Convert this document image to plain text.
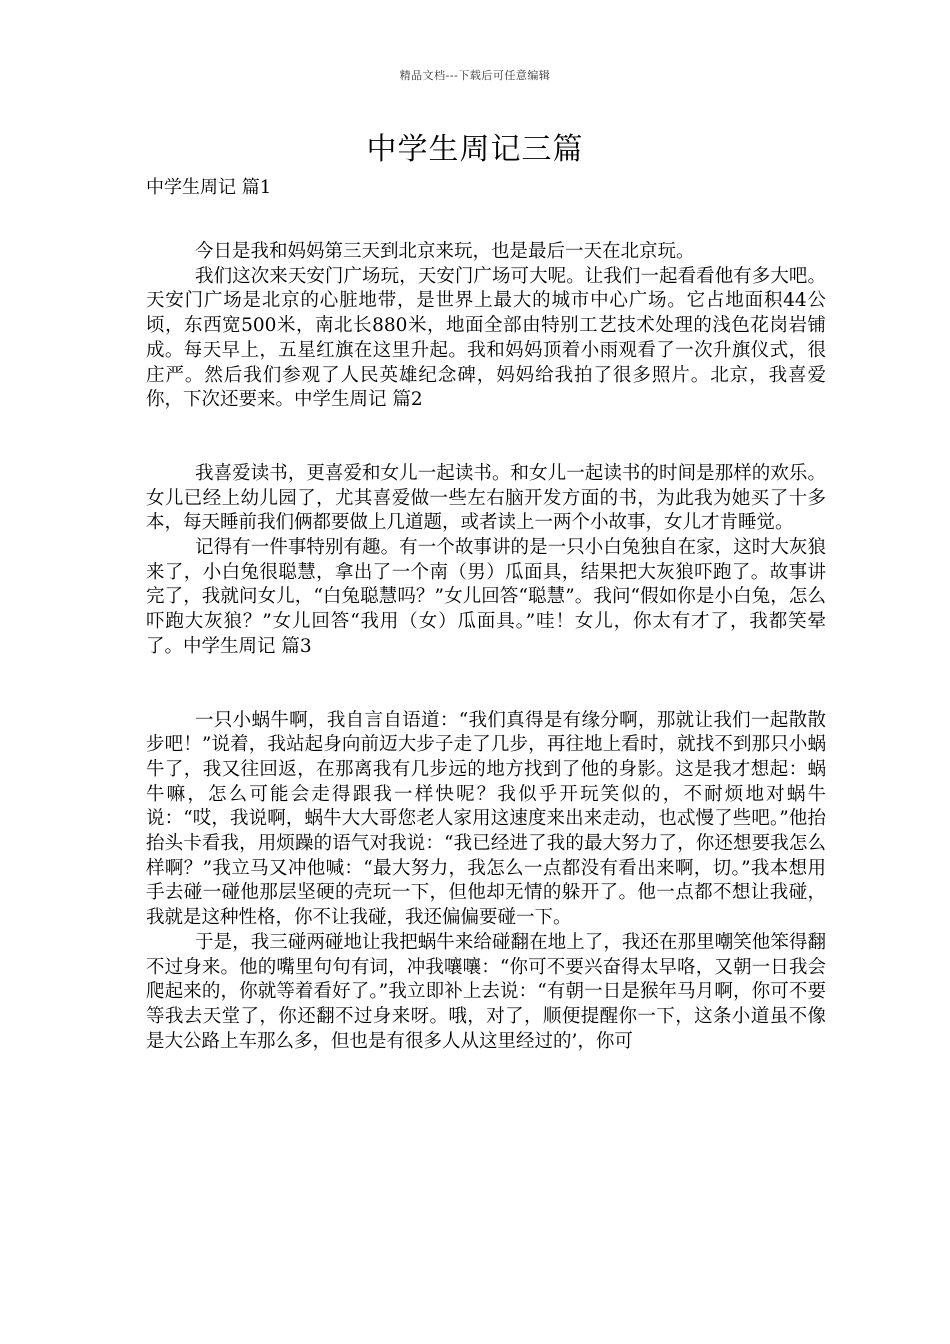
精品文档---下载后可任意编辑
中学生周记三篇
中学生周记 篇1

今日是我和妈妈第三天到北京来玩，也是最后一天在北京玩。

我们这次来天安门广场玩，天安门广场可大呢。让我们一起看看他有多大吧。天安门广场是北京的心脏地带，是世界上最大的城市中心广场。它占地面积44公顷，东西宽500米，南北长880米，地面全部由特别工艺技术处理的浅色花岗岩铺成。每天早上，五星红旗在这里升起。我和妈妈顶着小雨观看了一次升旗仪式，很庄严。然后我们参观了人民英雄纪念碑，妈妈给我拍了很多照片。北京，我喜爱你，下次还要来。中学生周记 篇2

我喜爱读书，更喜爱和女儿一起读书。和女儿一起读书的时间是那样的欢乐。女儿已经上幼儿园了，尤其喜爱做一些左右脑开发方面的书，为此我为她买了十多本，每天睡前我们俩都要做上几道题，或者读上一两个小故事，女儿才肯睡觉。

记得有一件事特别有趣。有一个故事讲的是一只小白兔独自在家，这时大灰狼来了，小白兔很聪慧，拿出了一个南（男）瓜面具，结果把大灰狼吓跑了。故事讲完了，我就问女儿，“白兔聪慧吗？”女儿回答“聪慧”。我问“假如你是小白兔，怎么吓跑大灰狼？”女儿回答“我用（女）瓜面具。”哇！女儿，你太有才了，我都笑晕了。中学生周记 篇3

一只小蜗牛啊，我自言自语道：“我们真得是有缘分啊，那就让我们一起散散步吧！”说着，我站起身向前迈大步子走了几步，再往地上看时，就找不到那只小蜗牛了，我又往回返，在那离我有几步远的地方找到了他的身影。这是我才想起：蜗牛嘛，怎么可能会走得跟我一样快呢？我似乎开玩笑似的，不耐烦地对蜗牛说：“哎，我说啊，蜗牛大大哥您老人家用这速度来出来走动，也忒慢了些吧。”他抬抬头卡看我，用烦躁的语气对我说：“我已经进了我的最大努力了，你还想要我怎么样啊？”我立马又冲他喊：“最大努力，我怎么一点都没有看出来啊，切。”我本想用手去碰一碰他那层坚硬的壳玩一下，但他却无情的躲开了。他一点都不想让我碰，我就是这种性格，你不让我碰，我还偏偏要碰一下。

于是，我三碰两碰地让我把蜗牛来给碰翻在地上了，我还在那里嘲笑他笨得翻不过身来。他的嘴里句句有词，冲我嚷嚷：“你可不要兴奋得太早咯，又朝一日我会爬起来的，你就等着看好了。”我立即补上去说：“有朝一日是猴年马月啊，你可不要等我去天堂了，你还翻不过身来呀。哦，对了，顺便提醒你一下，这条小道虽不像是大公路上车那么多，但也是有很多人从这里经过的’，你可
